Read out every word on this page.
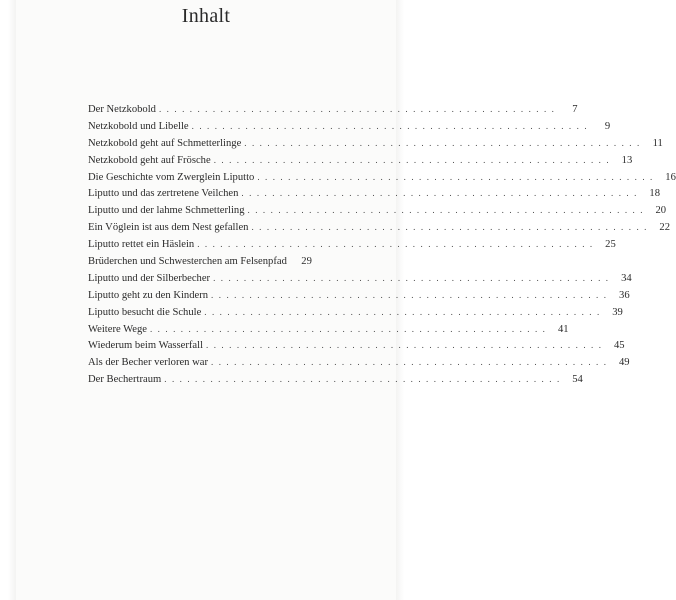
Inhalt
Der Netzkobold . . .	7
Netzkobold und Libelle . . .	9
Netzkobold geht auf Schmetterlinge . . .	11
Netzkobold geht auf Frösche . . .	13
Die Geschichte vom Zwerglein Liputto . . .	16
Liputto und das zertretene Veilchen . . .	18
Liputto und der lahme Schmetterling . . .	20
Ein Vöglein ist aus dem Nest gefallen . . .	22
Liputto rettet ein Häslein . . .	25
Brüderchen und Schwesterchen am Felsenpfad	29
Liputto und der Silberbecher . . .	34
Liputto geht zu den Kindern . . .	36
Liputto besucht die Schule . . .	39
Weitere Wege . . .	41
Wiederum beim Wasserfall . . .	45
Als der Becher verloren war . . .	49
Der Bechertraum . . .	54
